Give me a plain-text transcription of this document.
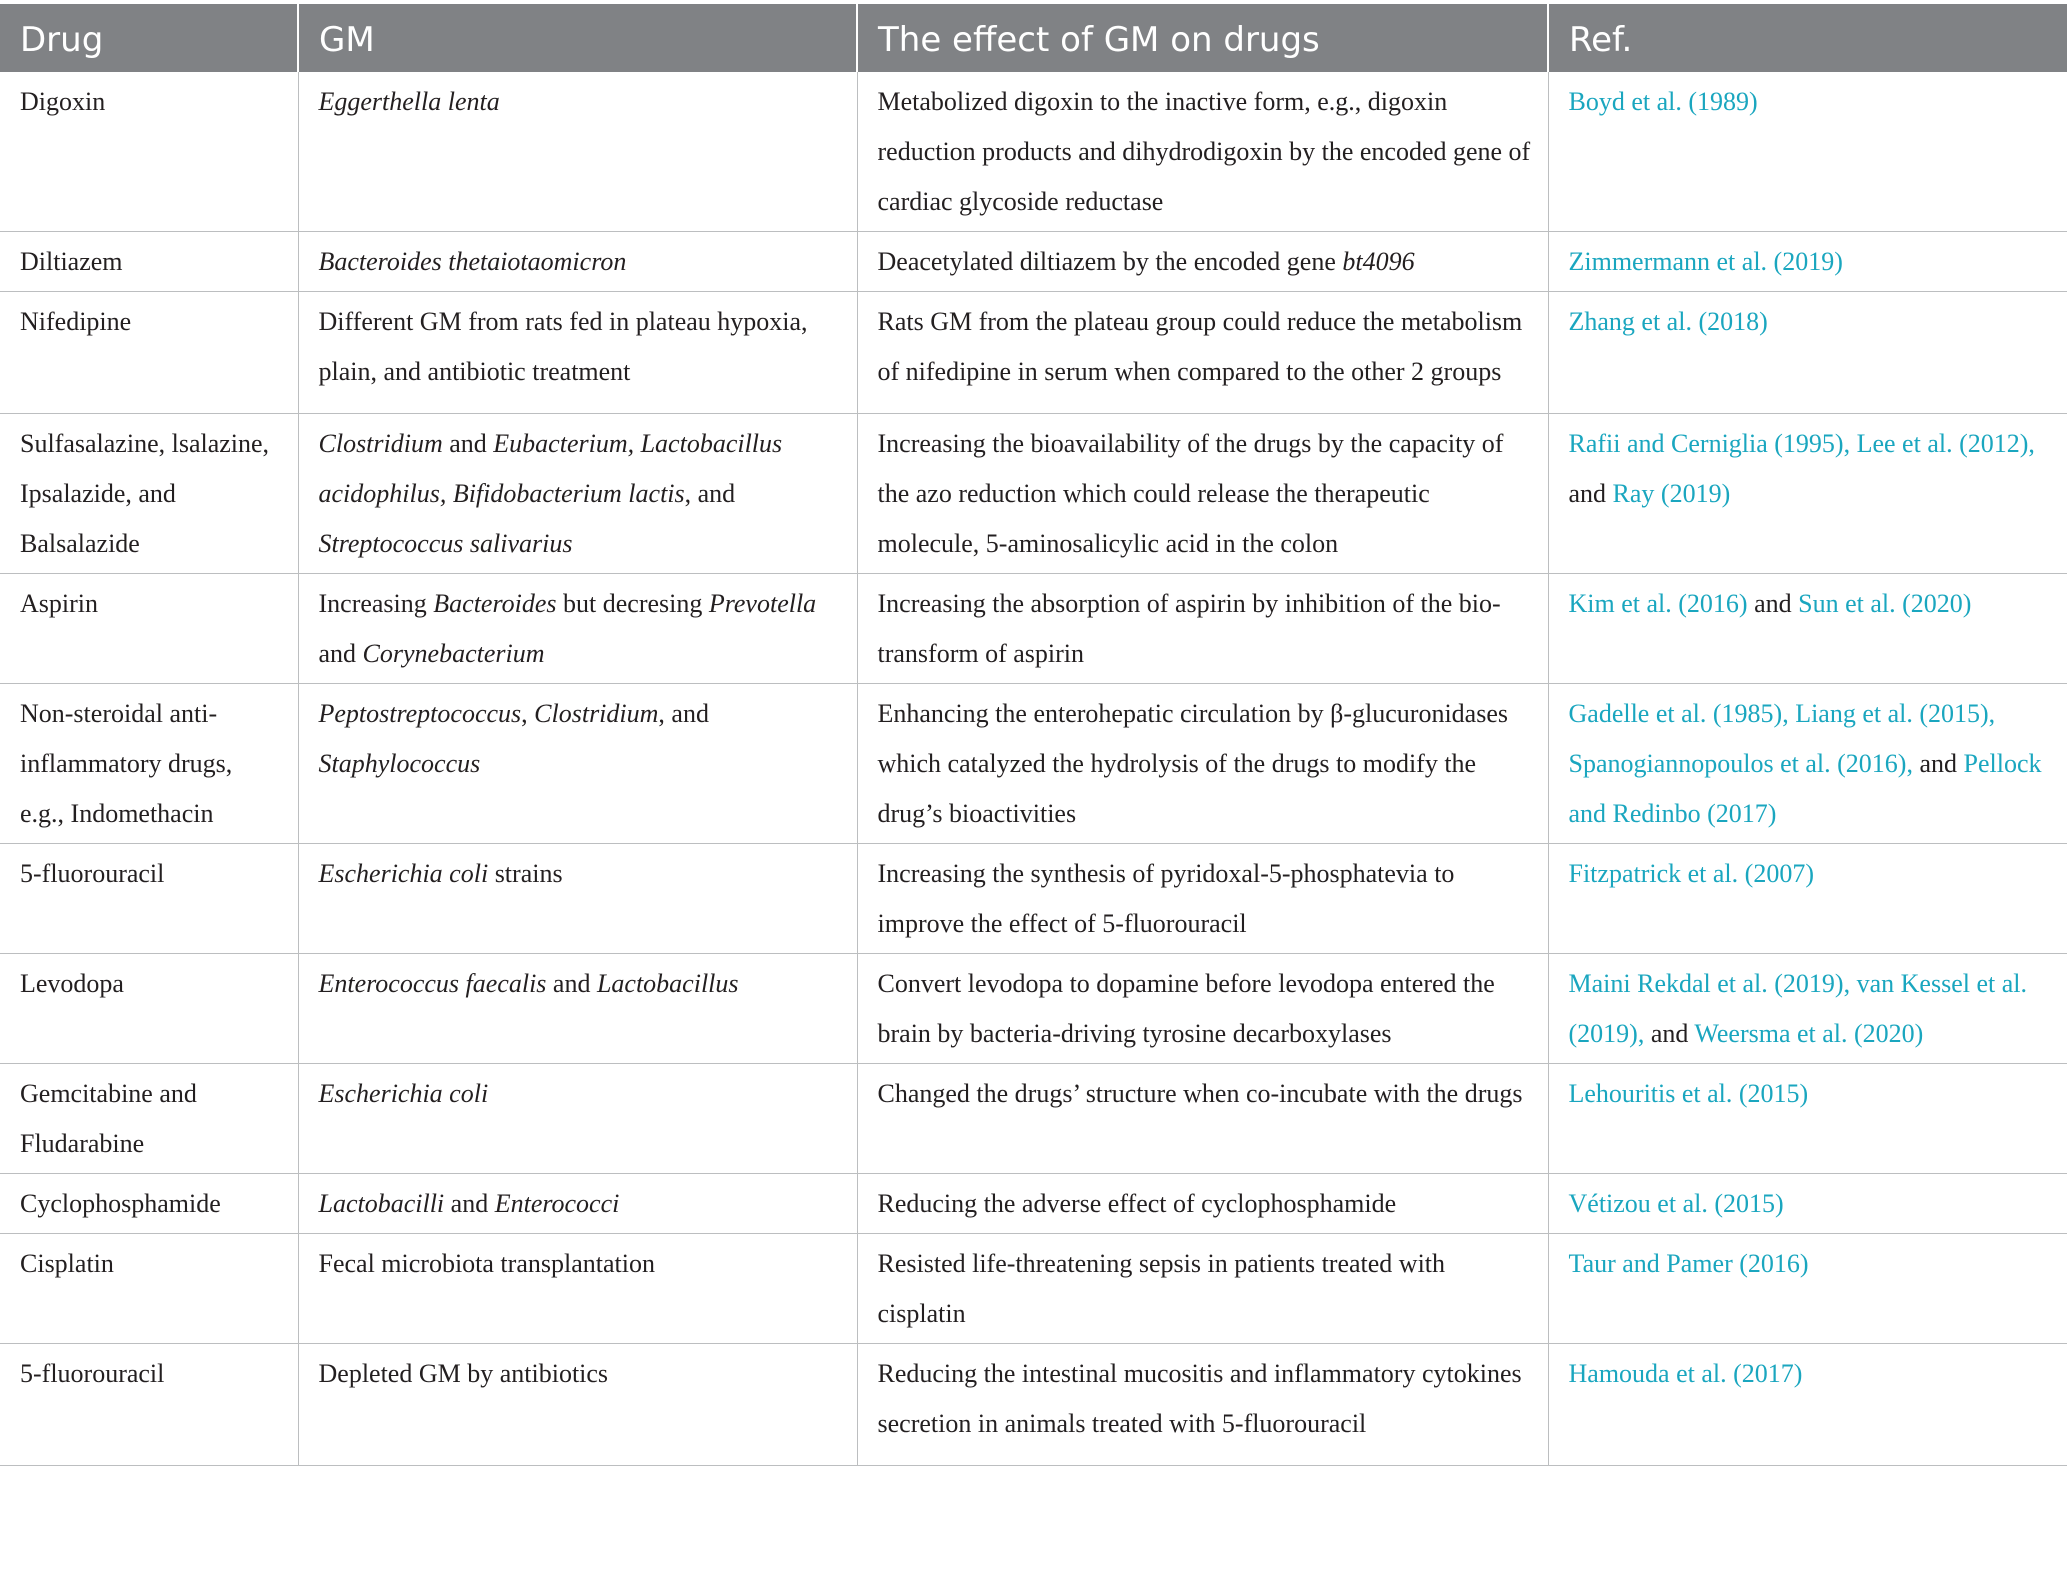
Drug	GM	The effect of GM on drugs	Ref.
Digoxin	Eggerthella lenta	Metabolized digoxin to the inactive form, e.g., digoxin reduction products and dihydrodigoxin by the encoded gene of cardiac glycoside reductase	Boyd et al. (1989)
Diltiazem	Bacteroides thetaiotaomicron	Deacetylated diltiazem by the encoded gene bt4096	Zimmermann et al. (2019)
Nifedipine	Different GM from rats fed in plateau hypoxia, plain, and antibiotic treatment	Rats GM from the plateau group could reduce the metabolism of nifedipine in serum when compared to the other 2 groups	Zhang et al. (2018)
Sulfasalazine, lsalazine, Ipsalazide, and Balsalazide	Clostridium and Eubacterium, Lactobacillus acidophilus, Bifidobacterium lactis, and Streptococcus salivarius	Increasing the bioavailability of the drugs by the capacity of the azo reduction which could release the therapeutic molecule, 5-aminosalicylic acid in the colon	Rafii and Cerniglia (1995), Lee et al. (2012), and Ray (2019)
Aspirin	Increasing Bacteroides but decresing Prevotella and Corynebacterium	Increasing the absorption of aspirin by inhibition of the bio-transform of aspirin	Kim et al. (2016) and Sun et al. (2020)
Non-steroidal anti-inflammatory drugs, e.g., Indomethacin	Peptostreptococcus, Clostridium, and Staphylococcus	Enhancing the enterohepatic circulation by β-glucuronidases which catalyzed the hydrolysis of the drugs to modify the drug’s bioactivities	Gadelle et al. (1985), Liang et al. (2015), Spanogiannopoulos et al. (2016), and Pellock and Redinbo (2017)
5-fluorouracil	Escherichia coli strains	Increasing the synthesis of pyridoxal-5-phosphatevia to improve the effect of 5-fluorouracil	Fitzpatrick et al. (2007)
Levodopa	Enterococcus faecalis and Lactobacillus	Convert levodopa to dopamine before levodopa entered the brain by bacteria-driving tyrosine decarboxylases	Maini Rekdal et al. (2019), van Kessel et al. (2019), and Weersma et al. (2020)
Gemcitabine and Fludarabine	Escherichia coli	Changed the drugs’ structure when co-incubate with the drugs	Lehouritis et al. (2015)
Cyclophosphamide	Lactobacilli and Enterococci	Reducing the adverse effect of cyclophosphamide	Vétizou et al. (2015)
Cisplatin	Fecal microbiota transplantation	Resisted life-threatening sepsis in patients treated with cisplatin	Taur and Pamer (2016)
5-fluorouracil	Depleted GM by antibiotics	Reducing the intestinal mucositis and inflammatory cytokines secretion in animals treated with 5-fluorouracil	Hamouda et al. (2017)
